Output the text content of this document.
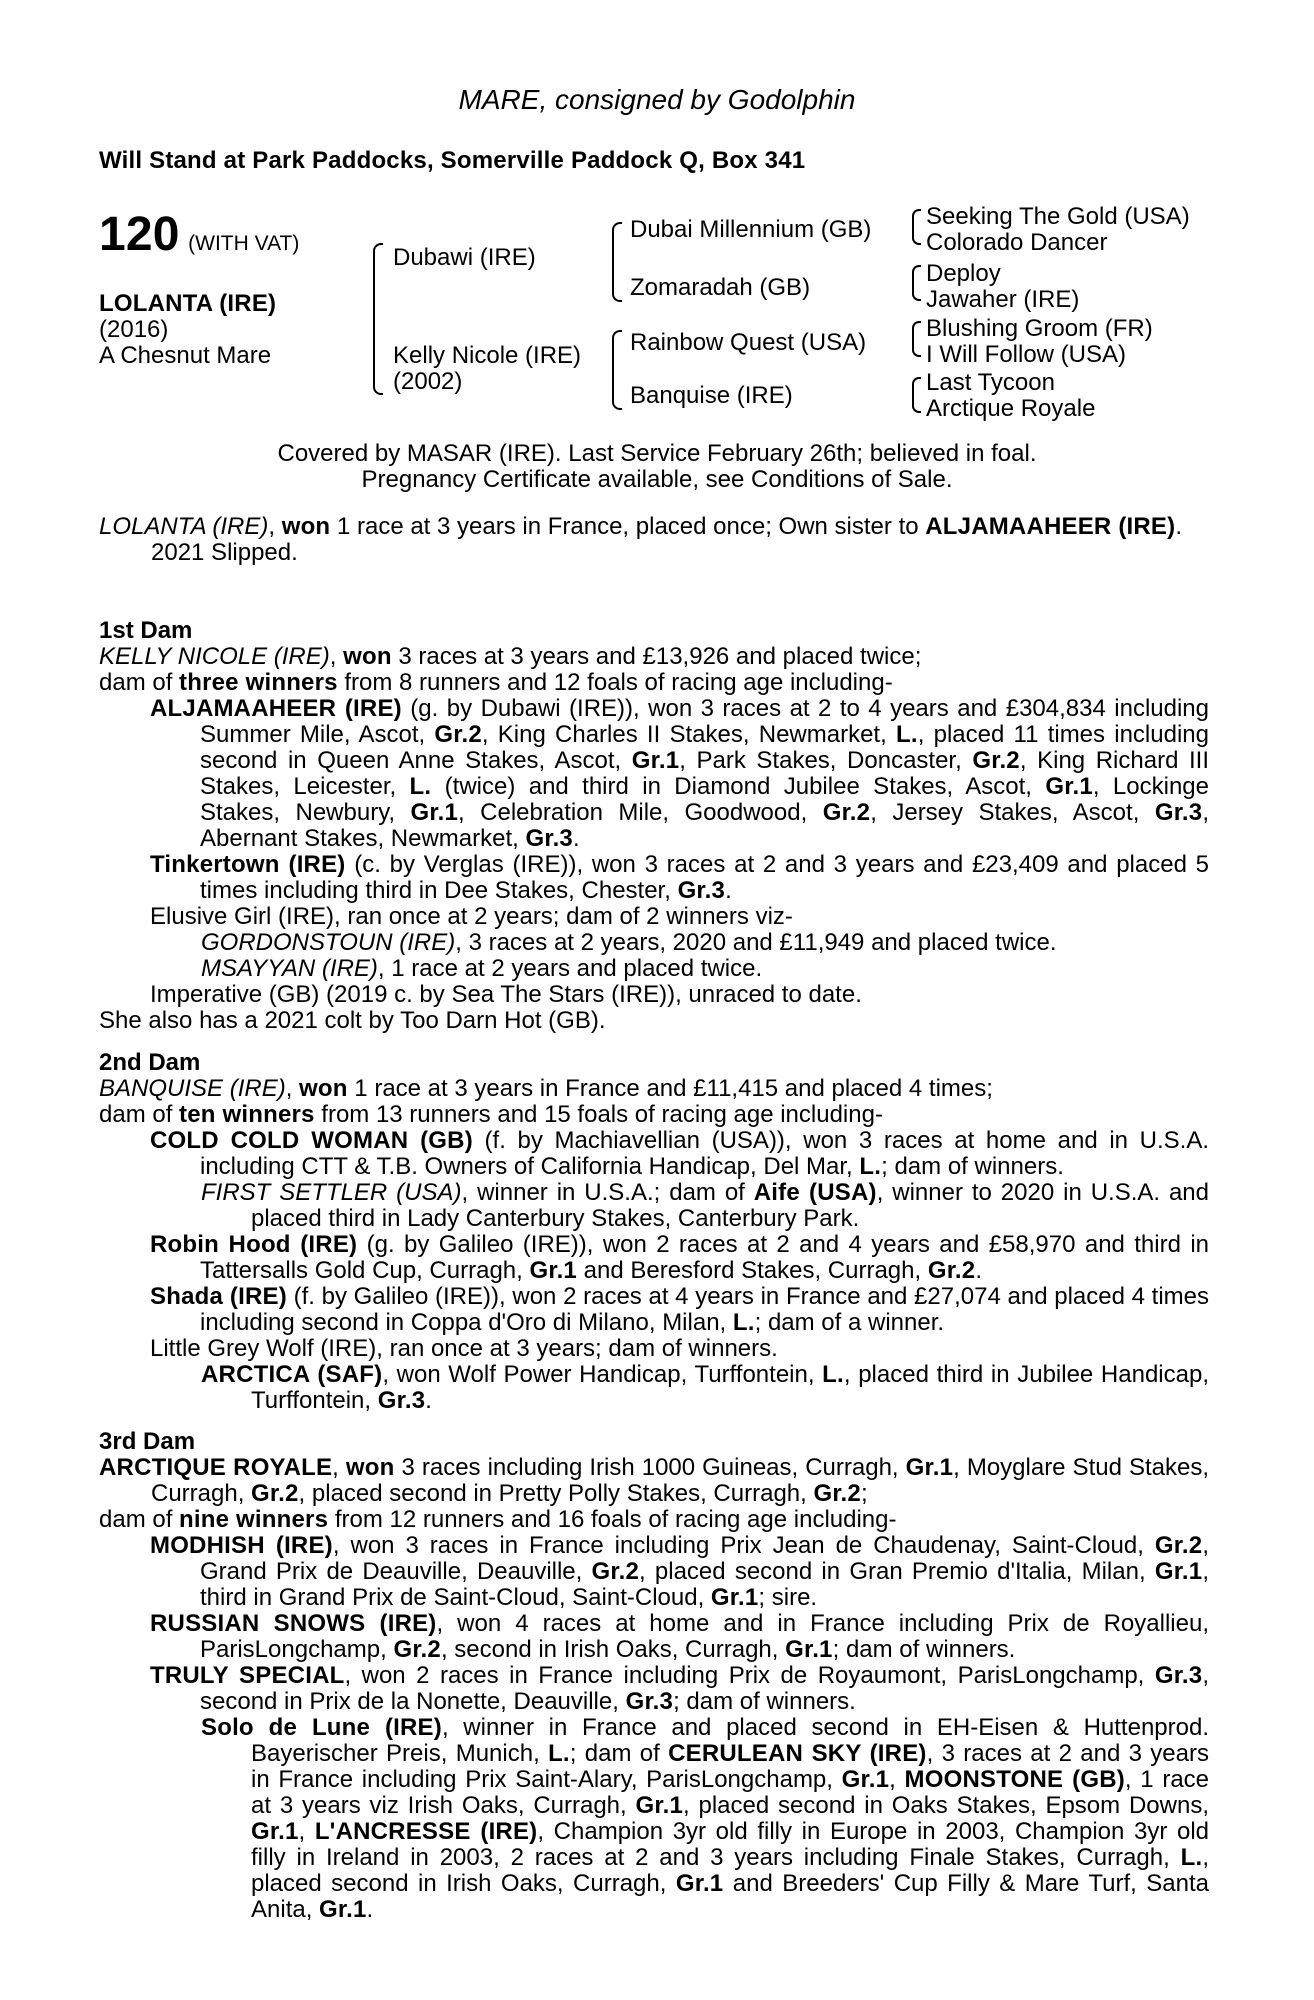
MARE, consigned by Godolphin
Will Stand at Park Paddocks, Somerville Paddock Q, Box 341
120 (WITH VAT)
LOLANTA (IRE)
(2016)
A Chesnut Mare
Dubawi (IRE)
Kelly Nicole (IRE)
(2002)
Dubai Millennium (GB)
Zomaradah (GB)
Rainbow Quest (USA)
Banquise (IRE)
Seeking The Gold (USA)
Colorado Dancer
Deploy
Jawaher (IRE)
Blushing Groom (FR)
I Will Follow (USA)
Last Tycoon
Arctique Royale
Covered by MASAR (IRE). Last Service February 26th; believed in foal.
Pregnancy Certificate available, see Conditions of Sale.

LOLANTA (IRE), won 1 race at 3 years in France, placed once; Own sister to ALJAMAAHEER (IRE).

2021 Slipped.

1st Dam

KELLY NICOLE (IRE), won 3 races at 3 years and £13,926 and placed twice;

dam of three winners from 8 runners and 12 foals of racing age including-

ALJAMAAHEER (IRE) (g. by Dubawi (IRE)), won 3 races at 2 to 4 years and £304,834 including Summer Mile, Ascot, Gr.2, King Charles II Stakes, Newmarket, L., placed 11 times including second in Queen Anne Stakes, Ascot, Gr.1, Park Stakes, Doncaster, Gr.2, King Richard III Stakes, Leicester, L. (twice) and third in Diamond Jubilee Stakes, Ascot, Gr.1, Lockinge Stakes, Newbury, Gr.1, Celebration Mile, Goodwood, Gr.2, Jersey Stakes, Ascot, Gr.3, Abernant Stakes, Newmarket, Gr.3.

Tinkertown (IRE) (c. by Verglas (IRE)), won 3 races at 2 and 3 years and £23,409 and placed 5 times including third in Dee Stakes, Chester, Gr.3.

Elusive Girl (IRE), ran once at 2 years; dam of 2 winners viz-

GORDONSTOUN (IRE), 3 races at 2 years, 2020 and £11,949 and placed twice.

MSAYYAN (IRE), 1 race at 2 years and placed twice.

Imperative (GB) (2019 c. by Sea The Stars (IRE)), unraced to date.

She also has a 2021 colt by Too Darn Hot (GB).

2nd Dam

BANQUISE (IRE), won 1 race at 3 years in France and £11,415 and placed 4 times;

dam of ten winners from 13 runners and 15 foals of racing age including-

COLD COLD WOMAN (GB) (f. by Machiavellian (USA)), won 3 races at home and in U.S.A. including CTT & T.B. Owners of California Handicap, Del Mar, L.; dam of winners.

FIRST SETTLER (USA), winner in U.S.A.; dam of Aife (USA), winner to 2020 in U.S.A. and placed third in Lady Canterbury Stakes, Canterbury Park.

Robin Hood (IRE) (g. by Galileo (IRE)), won 2 races at 2 and 4 years and £58,970 and third in Tattersalls Gold Cup, Curragh, Gr.1 and Beresford Stakes, Curragh, Gr.2.

Shada (IRE) (f. by Galileo (IRE)), won 2 races at 4 years in France and £27,074 and placed 4 times including second in Coppa d'Oro di Milano, Milan, L.; dam of a winner.

Little Grey Wolf (IRE), ran once at 3 years; dam of winners.

ARCTICA (SAF), won Wolf Power Handicap, Turffontein, L., placed third in Jubilee Handicap, Turffontein, Gr.3.

3rd Dam

ARCTIQUE ROYALE, won 3 races including Irish 1000 Guineas, Curragh, Gr.1, Moyglare Stud Stakes, Curragh, Gr.2, placed second in Pretty Polly Stakes, Curragh, Gr.2;

dam of nine winners from 12 runners and 16 foals of racing age including-

MODHISH (IRE), won 3 races in France including Prix Jean de Chaudenay, Saint-Cloud, Gr.2, Grand Prix de Deauville, Deauville, Gr.2, placed second in Gran Premio d'Italia, Milan, Gr.1, third in Grand Prix de Saint-Cloud, Saint-Cloud, Gr.1; sire.

RUSSIAN SNOWS (IRE), won 4 races at home and in France including Prix de Royallieu, ParisLongchamp, Gr.2, second in Irish Oaks, Curragh, Gr.1; dam of winners.

TRULY SPECIAL, won 2 races in France including Prix de Royaumont, ParisLongchamp, Gr.3, second in Prix de la Nonette, Deauville, Gr.3; dam of winners.

Solo de Lune (IRE), winner in France and placed second in EH-Eisen & Huttenprod. Bayerischer Preis, Munich, L.; dam of CERULEAN SKY (IRE), 3 races at 2 and 3 years in France including Prix Saint-Alary, ParisLongchamp, Gr.1, MOONSTONE (GB), 1 race at 3 years viz Irish Oaks, Curragh, Gr.1, placed second in Oaks Stakes, Epsom Downs, Gr.1, L'ANCRESSE (IRE), Champion 3yr old filly in Europe in 2003, Champion 3yr old filly in Ireland in 2003, 2 races at 2 and 3 years including Finale Stakes, Curragh, L., placed second in Irish Oaks, Curragh, Gr.1 and Breeders' Cup Filly & Mare Turf, Santa Anita, Gr.1.
